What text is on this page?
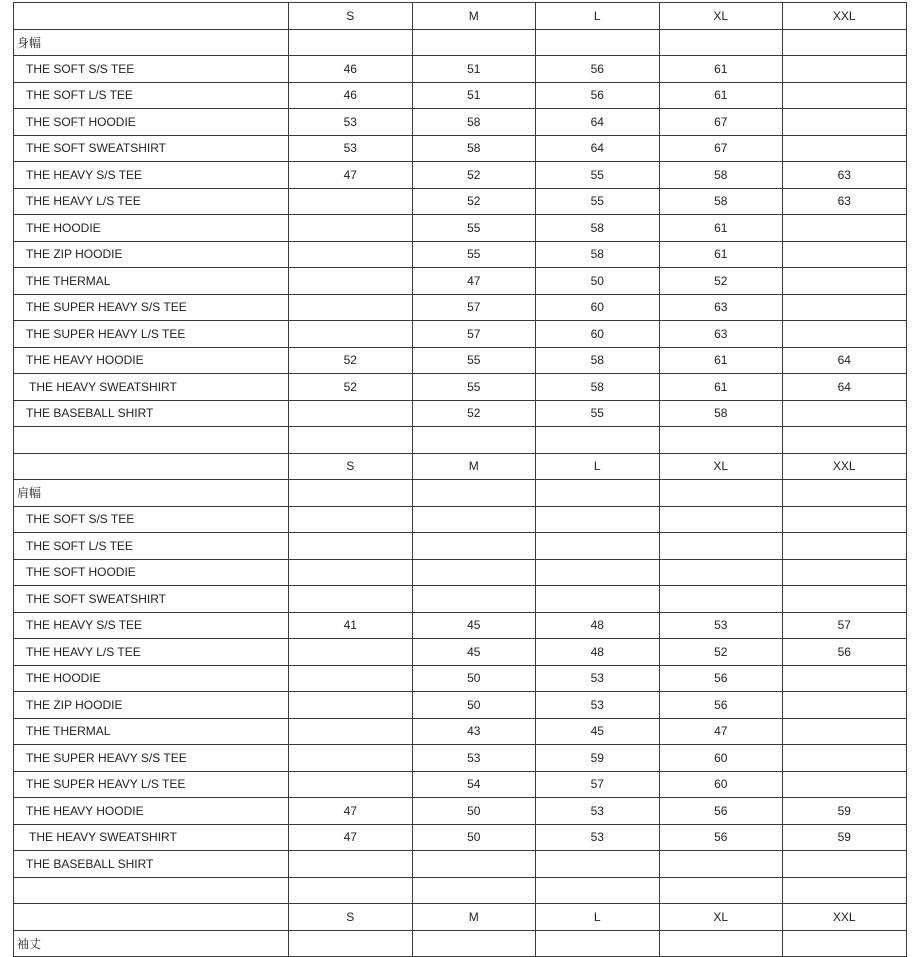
	S	M	L	XL	XXL
身幅					
THE SOFT S/S TEE	46	51	56	61	
THE SOFT L/S TEE	46	51	56	61	
THE SOFT HOODIE	53	58	64	67	
THE SOFT SWEATSHIRT	53	58	64	67	
THE HEAVY S/S TEE	47	52	55	58	63
THE HEAVY L/S TEE		52	55	58	63
THE HOODIE		55	58	61	
THE ZIP HOODIE		55	58	61	
THE THERMAL		47	50	52	
THE SUPER HEAVY S/S TEE		57	60	63	
THE SUPER HEAVY L/S TEE		57	60	63	
THE HEAVY HOODIE	52	55	58	61	64
THE HEAVY SWEATSHIRT	52	55	58	61	64
THE BASEBALL SHIRT		52	55	58	

	S	M	L	XL	XXL
肩幅					
THE SOFT S/S TEE					
THE SOFT L/S TEE					
THE SOFT HOODIE					
THE SOFT SWEATSHIRT					
THE HEAVY S/S TEE	41	45	48	53	57
THE HEAVY L/S TEE		45	48	52	56
THE HOODIE		50	53	56	
THE ZIP HOODIE		50	53	56	
THE THERMAL		43	45	47	
THE SUPER HEAVY S/S TEE		53	59	60	
THE SUPER HEAVY L/S TEE		54	57	60	
THE HEAVY HOODIE	47	50	53	56	59
THE HEAVY SWEATSHIRT	47	50	53	56	59
THE BASEBALL SHIRT					

	S	M	L	XL	XXL
袖丈					
